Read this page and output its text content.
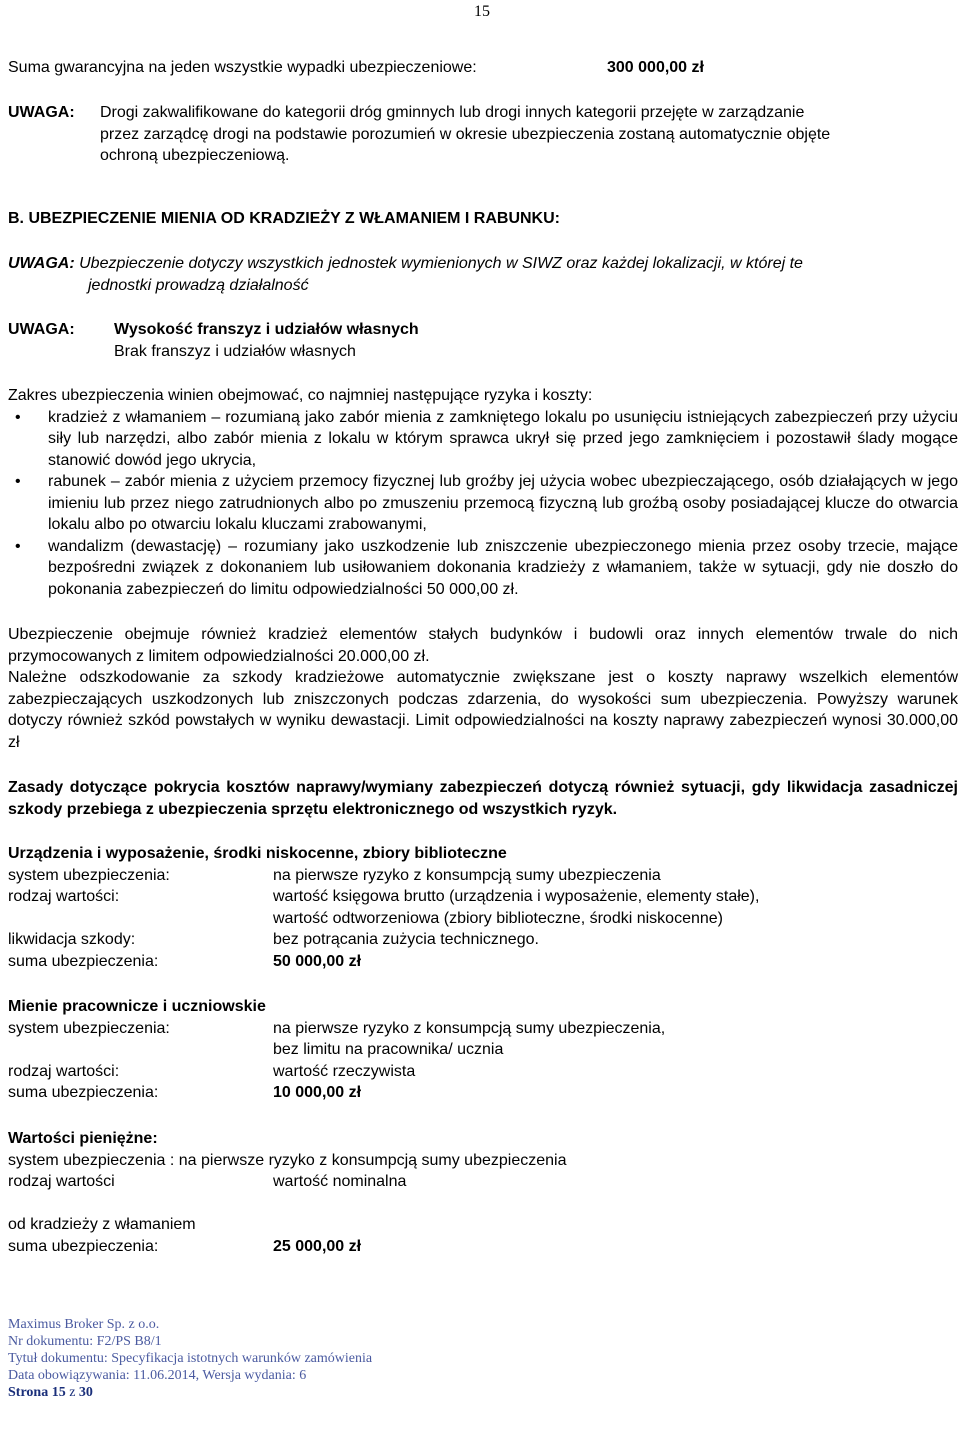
15
Suma gwarancyjna na jeden wszystkie wypadki ubezpieczeniowe:	300 000,00 zł
UWAGA: Drogi zakwalifikowane do kategorii dróg gminnych lub drogi innych kategorii przejęte w zarządzanie
przez zarządcę drogi na podstawie porozumień w okresie ubezpieczenia zostaną automatycznie objęte
ochroną ubezpieczeniową.
B. UBEZPIECZENIE MIENIA OD KRADZIEŻY Z WŁAMANIEM I RABUNKU:
UWAGA: Ubezpieczenie dotyczy wszystkich jednostek wymienionych w SIWZ oraz każdej lokalizacji, w której te
jednostki prowadzą działalność
UWAGA: Wysokość franszyz i udziałów własnych
Brak franszyz i udziałów własnych
Zakres ubezpieczenia winien obejmować, co najmniej następujące ryzyka i koszty:
• kradzież z włamaniem – rozumianą jako zabór mienia z zamkniętego lokalu po usunięciu istniejących zabezpieczeń przy użyciu siły lub narzędzi, albo zabór mienia z lokalu w którym sprawca ukrył się przed jego zamknięciem i pozostawił ślady mogące stanowić dowód jego ukrycia,
• rabunek – zabór mienia z użyciem przemocy fizycznej lub groźby jej użycia wobec ubezpieczającego, osób działających w jego imieniu lub przez niego zatrudnionych albo po zmuszeniu przemocą fizyczną lub groźbą osoby posiadającej klucze do otwarcia lokalu albo po otwarciu lokalu kluczami zrabowanymi,
• wandalizm (dewastację) – rozumiany jako uszkodzenie lub zniszczenie ubezpieczonego mienia przez osoby trzecie, mające bezpośredni związek z dokonaniem lub usiłowaniem dokonania kradzieży z włamaniem, także w sytuacji, gdy nie doszło do pokonania zabezpieczeń do limitu odpowiedzialności 50 000,00 zł.
Ubezpieczenie obejmuje również kradzież elementów stałych budynków i budowli oraz innych elementów trwale do nich przymocowanych z limitem odpowiedzialności 20.000,00 zł.
Należne odszkodowanie za szkody kradzieżowe automatycznie zwiększane jest o koszty naprawy wszelkich elementów zabezpieczających uszkodzonych lub zniszczonych podczas zdarzenia, do wysokości sum ubezpieczenia. Powyższy warunek dotyczy również szkód powstałych w wyniku dewastacji. Limit odpowiedzialności na koszty naprawy zabezpieczeń wynosi 30.000,00 zł
Zasady dotyczące pokrycia kosztów naprawy/wymiany zabezpieczeń dotyczą również sytuacji, gdy likwidacja zasadniczej szkody przebiega z ubezpieczenia sprzętu elektronicznego od wszystkich ryzyk.
Urządzenia i wyposażenie, środki niskocenne, zbiory biblioteczne
system ubezpieczenia:	na pierwsze ryzyko z konsumpcją sumy ubezpieczenia
rodzaj wartości:	wartość księgowa brutto (urządzenia i wyposażenie, elementy stałe),
wartość odtworzeniowa (zbiory biblioteczne, środki niskocenne)
likwidacja szkody:	bez potrącania zużycia technicznego.
suma ubezpieczenia:	50 000,00 zł
Mienie pracownicze i uczniowskie
system ubezpieczenia:	na pierwsze ryzyko z konsumpcją sumy ubezpieczenia,
bez limitu na pracownika/ ucznia
rodzaj wartości:	wartość rzeczywista
suma ubezpieczenia:	10 000,00 zł
Wartości pieniężne:
system ubezpieczenia : na pierwsze ryzyko z konsumpcją sumy ubezpieczenia
rodzaj wartości	wartość nominalna
od kradzieży z włamaniem
suma ubezpieczenia:	25 000,00 zł
Maximus Broker Sp. z o.o.
Nr dokumentu: F2/PS B8/1
Tytuł dokumentu: Specyfikacja istotnych warunków zamówienia
Data obowiązywania: 11.06.2014, Wersja wydania: 6
Strona 15 z 30
